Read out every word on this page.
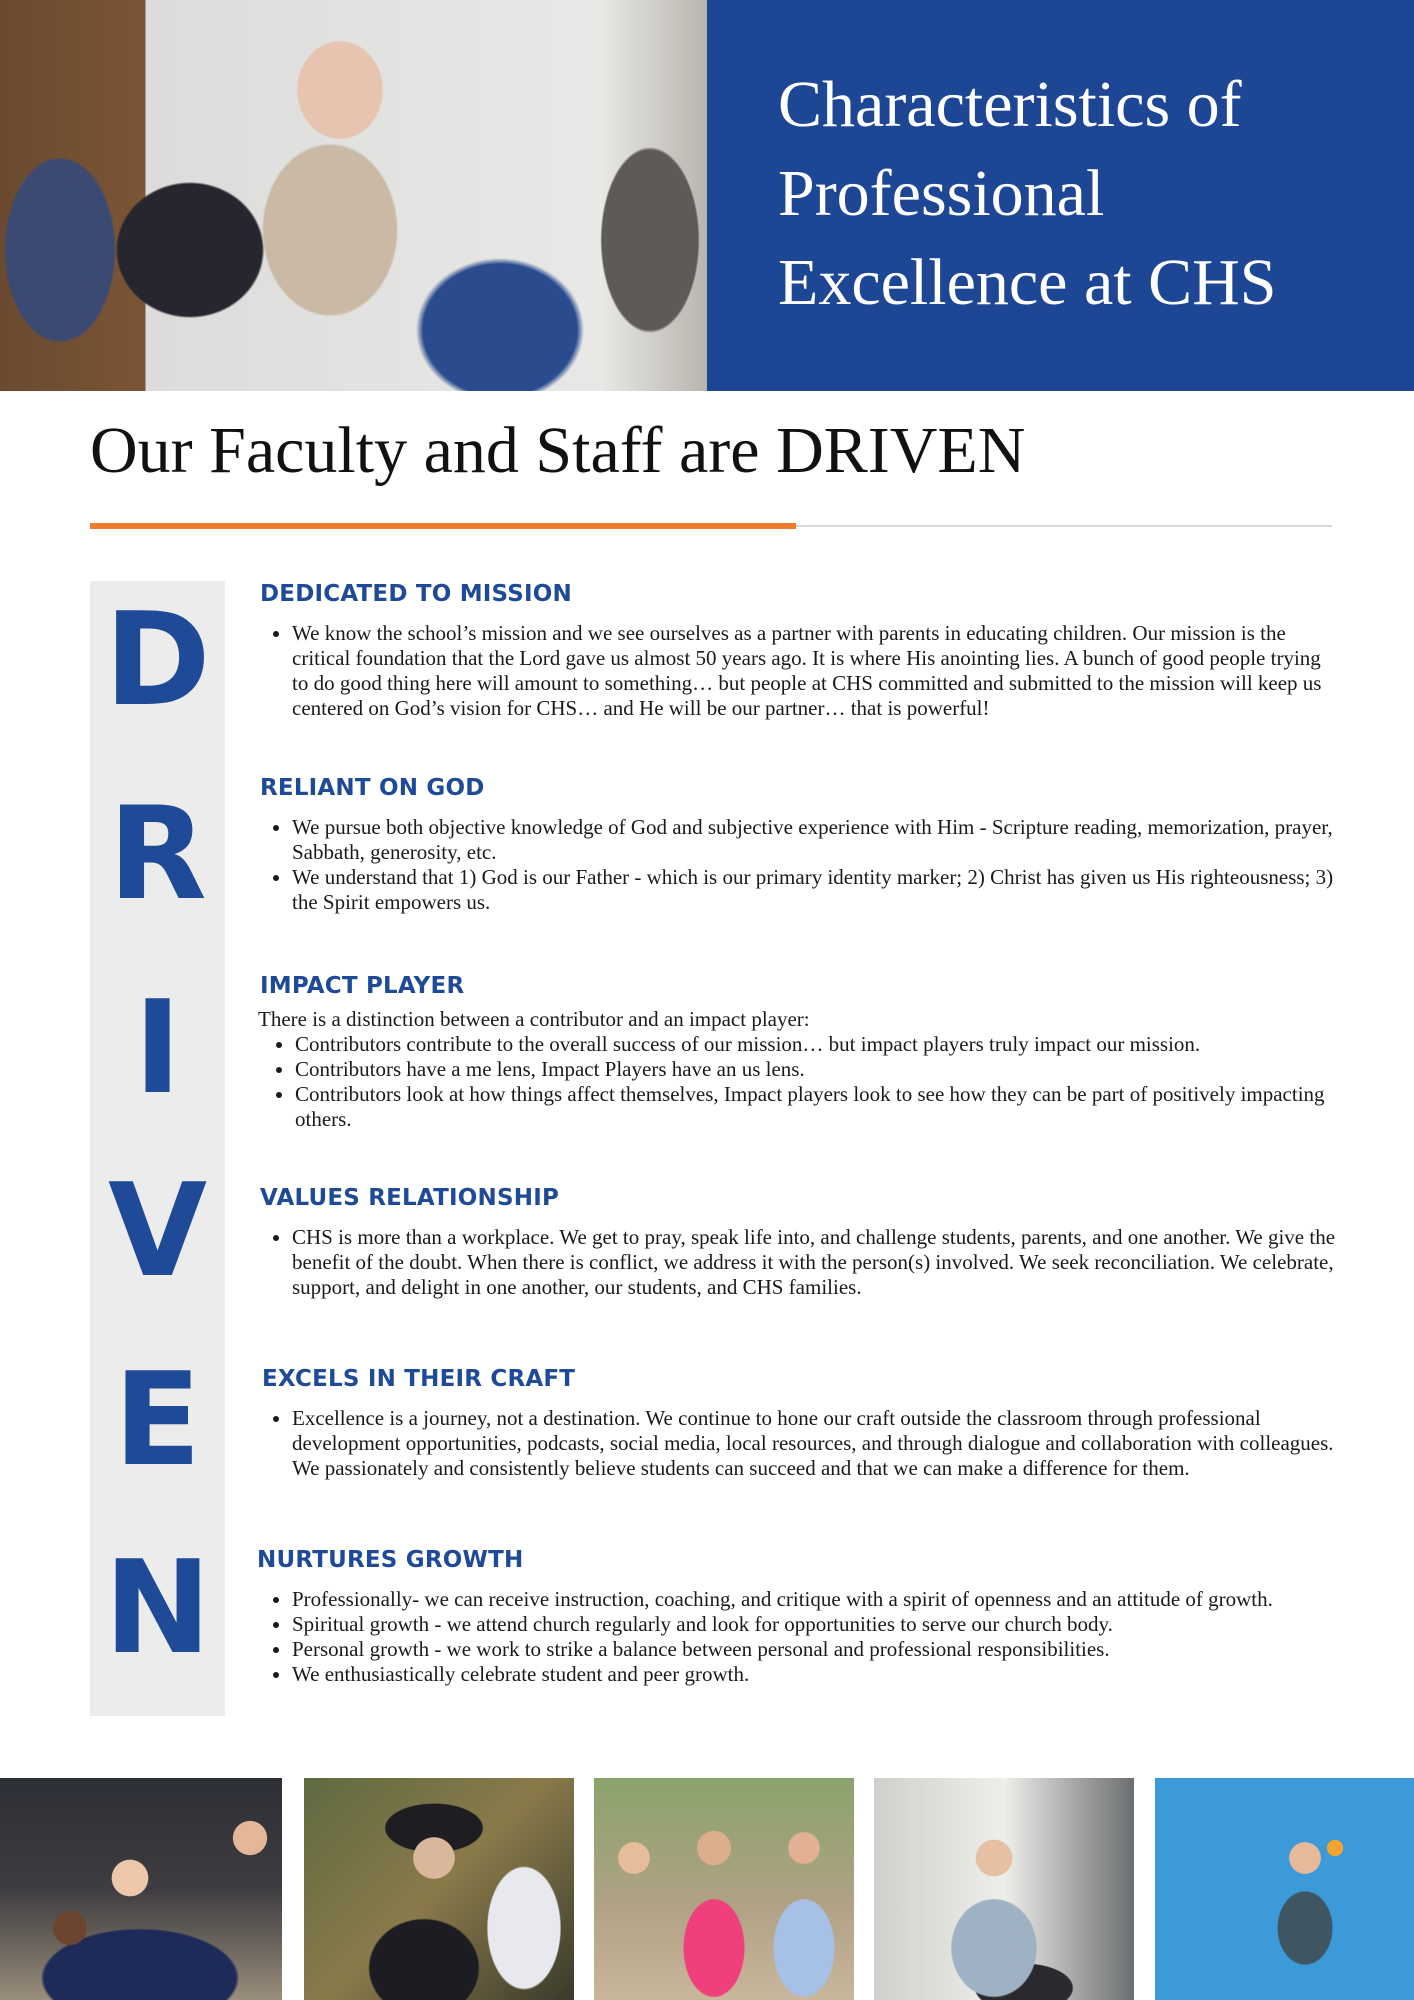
Characteristics of
Professional
Excellence at CHS
Our Faculty and Staff are DRIVEN
D
R
I
V
E
N
DEDICATED TO MISSION
• We know the school’s mission and we see ourselves as a partner with parents in educating children. Our mission is the critical foundation that the Lord gave us almost 50 years ago. It is where His anointing lies. A bunch of good people trying to do good thing here will amount to something… but people at CHS committed and submitted to the mission will keep us centered on God’s vision for CHS… and He will be our partner… that is powerful!
RELIANT ON GOD
• We pursue both objective knowledge of God and subjective experience with Him - Scripture reading, memorization, prayer, Sabbath, generosity, etc.
• We understand that 1) God is our Father - which is our primary identity marker; 2) Christ has given us His righteousness; 3) the Spirit empowers us.
IMPACT PLAYER

There is a distinction between a contributor and an impact player:

• Contributors contribute to the overall success of our mission… but impact players truly impact our mission.
• Contributors have a me lens, Impact Players have an us lens.
• Contributors look at how things affect themselves, Impact players look to see how they can be part of positively impacting others.
VALUES RELATIONSHIP
• CHS is more than a workplace. We get to pray, speak life into, and challenge students, parents, and one another. We give the benefit of the doubt. When there is conflict, we address it with the person(s) involved. We seek reconciliation. We celebrate, support, and delight in one another, our students, and CHS families.
EXCELS IN THEIR CRAFT
• Excellence is a journey, not a destination. We continue to hone our craft outside the classroom through professional development opportunities, podcasts, social media, local resources, and through dialogue and collaboration with colleagues. We passionately and consistently believe students can succeed and that we can make a difference for them.
NURTURES GROWTH
• Professionally- we can receive instruction, coaching, and critique with a spirit of openness and an attitude of growth.
• Spiritual growth - we attend church regularly and look for opportunities to serve our church body.
• Personal growth - we work to strike a balance between personal and professional responsibilities.
• We enthusiastically celebrate student and peer growth.
